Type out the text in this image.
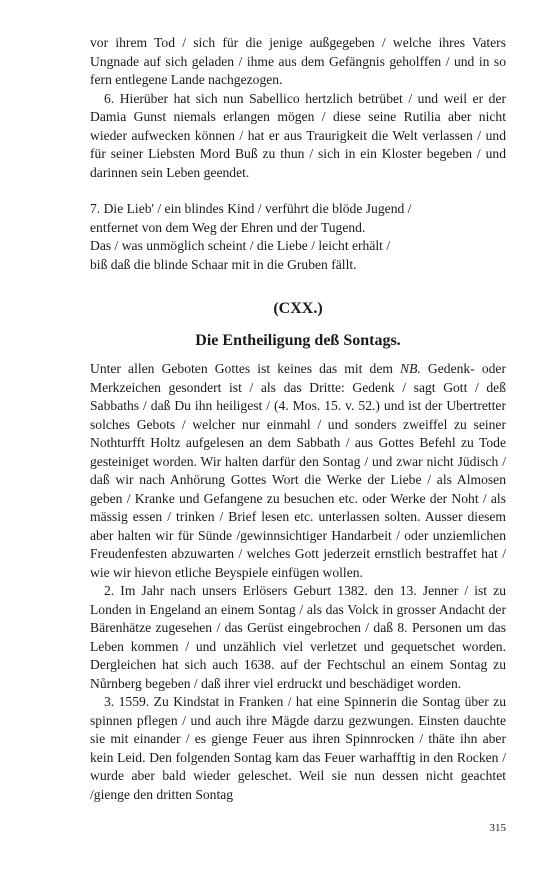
vor ihrem Tod / sich für die jenige außgegeben / welche ihres Vaters Ungnade auf sich geladen / ihme aus dem Gefängnis geholffen / und in so fern entlegene Lande nachgezogen.

6. Hierüber hat sich nun Sabellico hertzlich betrübet / und weil er der Damia Gunst niemals erlangen mögen / diese seine Rutilia aber nicht wieder aufwecken können / hat er aus Traurigkeit die Welt verlassen / und für seiner Liebsten Mord Buß zu thun / sich in ein Kloster begeben / und darinnen sein Leben geendet.

7. Die Lieb' / ein blindes Kind / verführt die blöde Jugend /
entfernet von dem Weg der Ehren und der Tugend.
Das / was unmöglich scheint / die Liebe / leicht erhält /
biß daß die blinde Schaar mit in die Gruben fällt.
(CXX.)
Die Entheiligung deß Sontags.

Unter allen Geboten Gottes ist keines das mit dem NB. Gedenk- oder Merkzeichen gesondert ist / als das Dritte: Gedenk / sagt Gott / deß Sabbaths / daß Du ihn heiligest / (4. Mos. 15. v. 52.) und ist der Ubertretter solches Gebots / welcher nur einmahl / und sonders zweiffel zu seiner Nothturfft Holtz aufgelesen an dem Sabbath / aus Gottes Befehl zu Tode gesteiniget worden. Wir halten darfür den Sontag / und zwar nicht Jüdisch / daß wir nach Anhörung Gottes Wort die Werke der Liebe / als Almosen geben / Kranke und Gefangene zu besuchen etc. oder Werke der Noht / als mässig essen / trinken / Brief lesen etc. unterlassen solten. Ausser diesem aber halten wir für Sünde /gewinnsichtiger Handarbeit / oder unziemlichen Freudenfesten abzuwarten / welches Gott jederzeit ernstlich bestraffet hat / wie wir hievon etliche Beyspiele einfügen wollen.

2. Im Jahr nach unsers Erlösers Geburt 1382. den 13. Jenner / ist zu Londen in Engeland an einem Sontag / als das Volck in grosser Andacht der Bärenhätze zugesehen / das Gerüst eingebrochen / daß 8. Personen um das Leben kommen / und unzählich viel verletzet und gequetschet worden. Dergleichen hat sich auch 1638. auf der Fechtschul an einem Sontag zu Nůrnberg begeben / daß ihrer viel erdruckt und beschädiget worden.

3. 1559. Zu Kindstat in Franken / hat eine Spinnerin die Sontag über zu spinnen pflegen / und auch ihre Mägde darzu gezwungen. Einsten dauchte sie mit einander / es gienge Feuer aus ihren Spinnrocken / thäte ihn aber kein Leid. Den folgenden Sontag kam das Feuer warhafftig in den Rocken / wurde aber bald wieder geleschet. Weil sie nun dessen nicht geachtet /gienge den dritten Sontag

315
